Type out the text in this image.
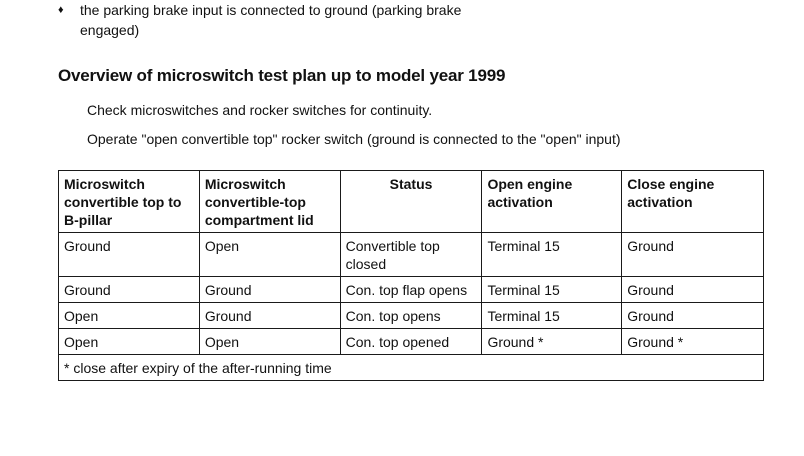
♦ the parking brake input is connected to ground (parking brake engaged)
Overview of microswitch test plan up to model year 1999
Check microswitches and rocker switches for continuity.
Operate "open convertible top" rocker switch (ground is connected to the "open" input)
Microswitch convertible top to B-pillar	Microswitch convertible-top compartment lid	Status	Open engine activation	Close engine activation
Ground	Open	Convertible top closed	Terminal 15	Ground
Ground	Ground	Con. top flap opens	Terminal 15	Ground
Open	Ground	Con. top opens	Terminal 15	Ground
Open	Open	Con. top opened	Ground *	Ground *
* close after expiry of the after-running time				
